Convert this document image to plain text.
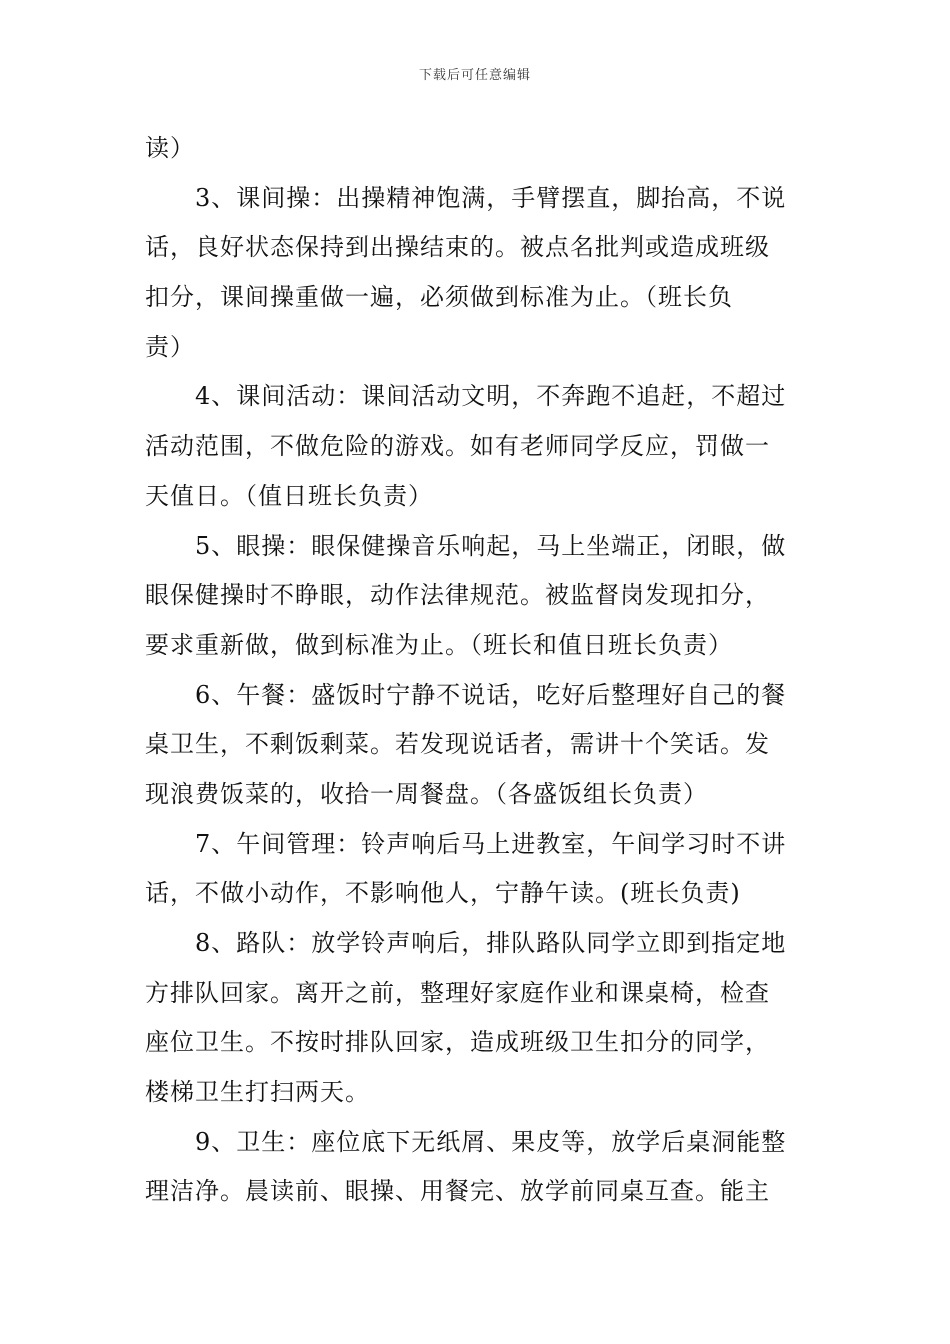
下载后可任意编辑
读）
3、课间操：出操精神饱满，手臂摆直，脚抬高，不说
话，良好状态保持到出操结束的。被点名批判或造成班级
扣分，课间操重做一遍，必须做到标准为止。（班长负
责）
4、课间活动：课间活动文明，不奔跑不追赶，不超过
活动范围，不做危险的游戏。如有老师同学反应，罚做一
天值日。（值日班长负责）
5、眼操：眼保健操音乐响起，马上坐端正，闭眼，做
眼保健操时不睁眼，动作法律规范。被监督岗发现扣分，
要求重新做，做到标准为止。（班长和值日班长负责）
6、午餐：盛饭时宁静不说话，吃好后整理好自己的餐
桌卫生，不剩饭剩菜。若发现说话者，需讲十个笑话。发
现浪费饭菜的，收拾一周餐盘。（各盛饭组长负责）
7、午间管理：铃声响后马上进教室，午间学习时不讲
话，不做小动作，不影响他人，宁静午读。(班长负责)
8、路队：放学铃声响后，排队路队同学立即到指定地
方排队回家。离开之前，整理好家庭作业和课桌椅，检查
座位卫生。不按时排队回家，造成班级卫生扣分的同学，
楼梯卫生打扫两天。
9、卫生：座位底下无纸屑、果皮等，放学后桌洞能整
理洁净。晨读前、眼操、用餐完、放学前同桌互查。能主
